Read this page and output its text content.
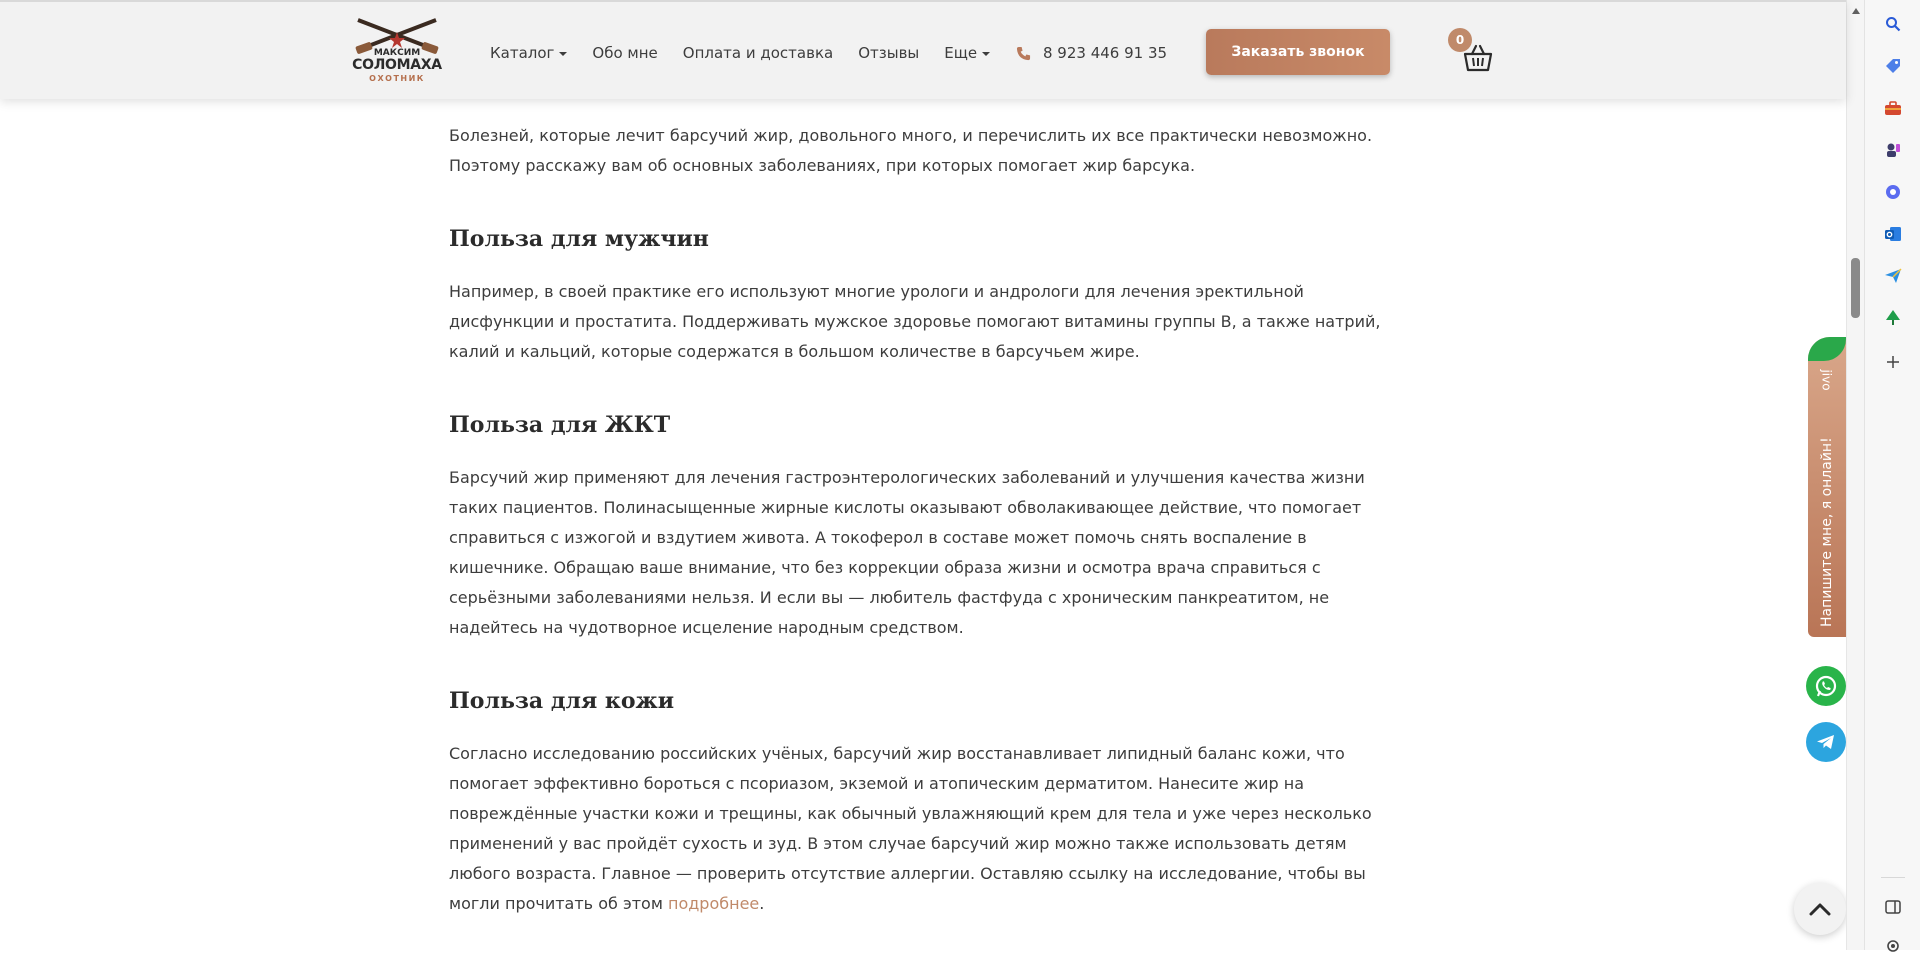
МАКСИМ
СОЛОМАХА
ОХОТНИК
Каталог	Обо мне Оплата и доставка Отзывы Еще	8 923 446 91 35	Заказать звонок
0

Болезней, которые лечит барсучий жир, довольного много, и перечислить их все практически невозможно. Поэтому расскажу вам об основных заболеваниях, при которых помогает жир барсука.

Польза для мужчин

Например, в своей практике его используют многие урологи и андрологи для лечения эректильной дисфункции и простатита. Поддерживать мужское здоровье помогают витамины группы В, а также натрий, калий и кальций, которые содержатся в большом количестве в барсучьем жире.

Польза для ЖКТ

Барсучий жир применяют для лечения гастроэнтерологических заболеваний и улучшения качества жизни таких пациентов. Полинасыщенные жирные кислоты оказывают обволакивающее действие, что помогает справиться с изжогой и вздутием живота. А токоферол в составе может помочь снять воспаление в кишечнике. Обращаю ваше внимание, что без коррекции образа жизни и осмотра врача справиться с серьёзными заболеваниями нельзя. И если вы — любитель фастфуда с хроническим панкреатитом, не надейтесь на чудотворное исцеление народным средством.

Польза для кожи

Согласно исследованию российских учёных, барсучий жир восстанавливает липидный баланс кожи, что помогает эффективно бороться с псориазом, экземой и атопическим дерматитом. Нанесите жир на повреждённые участки кожи и трещины, как обычный увлажняющий крем для тела и уже через несколько применений у вас пройдёт сухость и зуд. В этом случае барсучий жир можно также использовать детям любого возраста. Главное — проверить отсутствие аллергии. Оставляю ссылку на исследование, чтобы вы могли прочитать об этом подробнее.

jivo
Напишите мне, я онлайн!
